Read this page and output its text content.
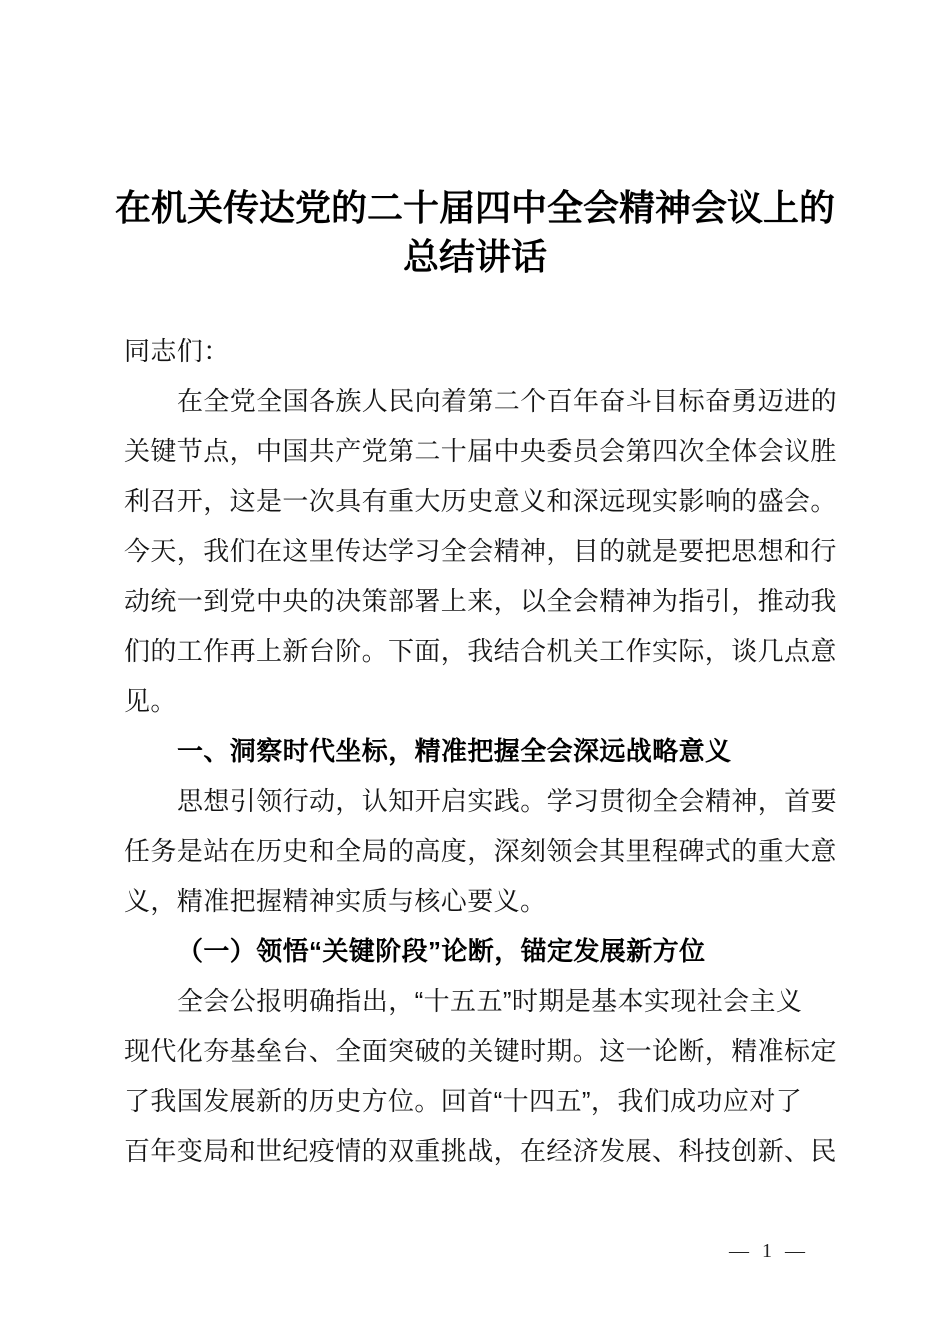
在机关传达党的二十届四中全会精神会议上的
总结讲话
同志们：
在全党全国各族人民向着第二个百年奋斗目标奋勇迈进的
关键节点，中国共产党第二十届中央委员会第四次全体会议胜
利召开，这是一次具有重大历史意义和深远现实影响的盛会。
今天，我们在这里传达学习全会精神，目的就是要把思想和行
动统一到党中央的决策部署上来，以全会精神为指引，推动我
们的工作再上新台阶。下面，我结合机关工作实际，谈几点意
见。
一、洞察时代坐标，精准把握全会深远战略意义
思想引领行动，认知开启实践。学习贯彻全会精神，首要
任务是站在历史和全局的高度，深刻领会其里程碑式的重大意
义，精准把握精神实质与核心要义。
（一）领悟“关键阶段”论断，锚定发展新方位
全会公报明确指出，“十五五”时期是基本实现社会主义
现代化夯基垒台、全面突破的关键时期。这一论断，精准标定
了我国发展新的历史方位。回首“十四五”，我们成功应对了
百年变局和世纪疫情的双重挑战，在经济发展、科技创新、民
— 1 —
